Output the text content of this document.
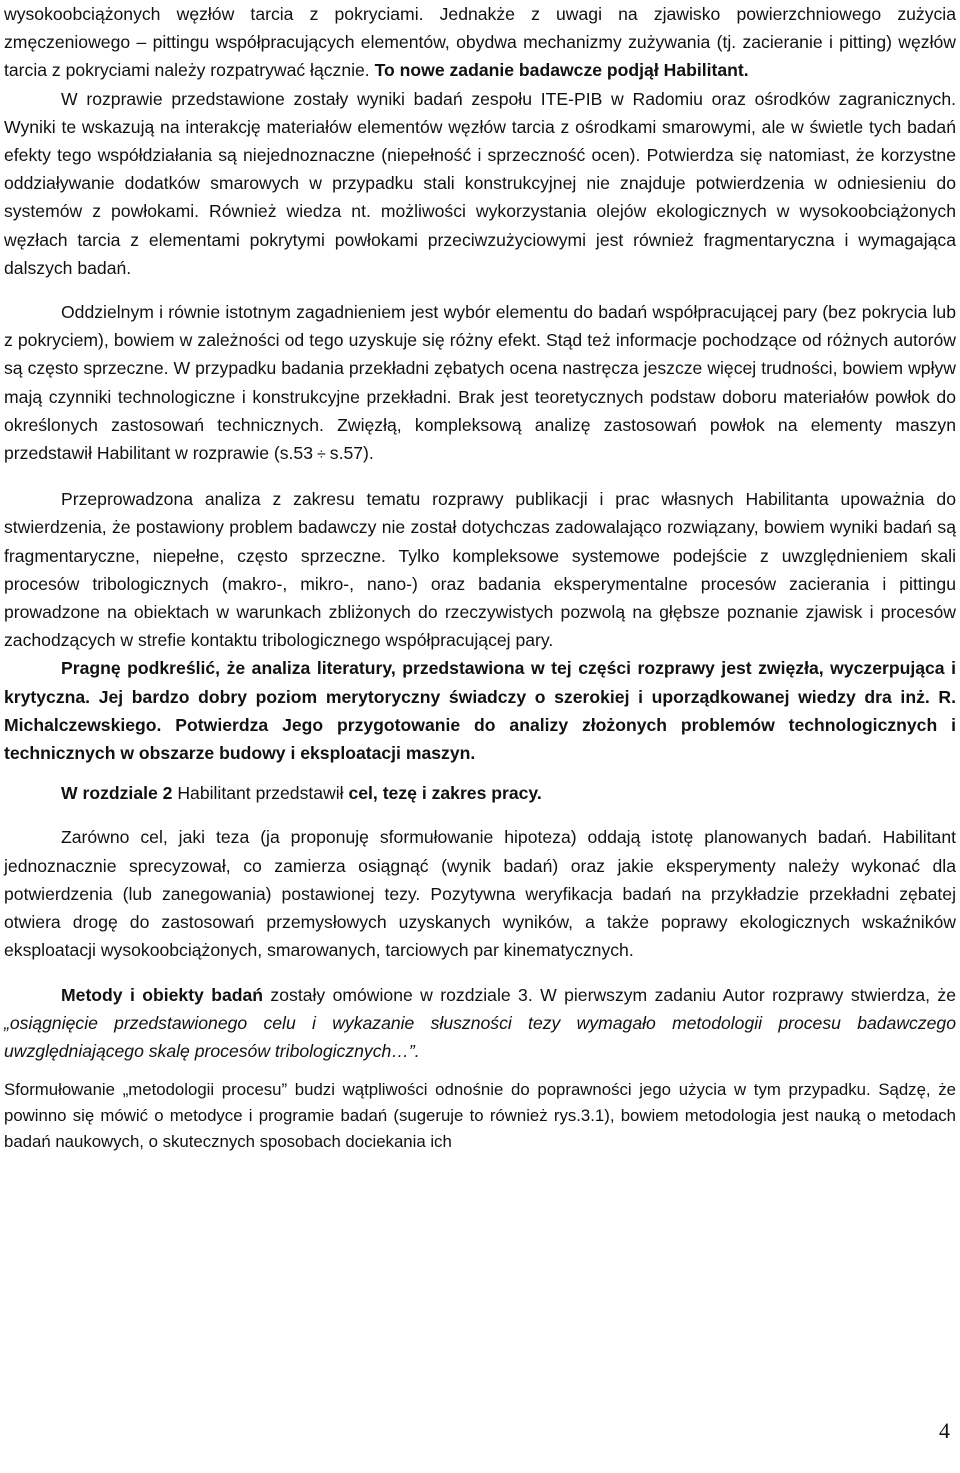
wysokoobciążonych węzłów tarcia z pokryciami. Jednakże z uwagi na zjawisko powierzchniowego zużycia zmęczeniowego – pittingu współpracujących elementów, obydwa mechanizmy zużywania (tj. zacieranie i pitting) węzłów tarcia z pokryciami należy rozpatrywać łącznie. To nowe zadanie badawcze podjął Habilitant.

W rozprawie przedstawione zostały wyniki badań zespołu ITE-PIB w Radomiu oraz ośrodków zagranicznych. Wyniki te wskazują na interakcję materiałów elementów węzłów tarcia z ośrodkami smarowymi, ale w świetle tych badań efekty tego współdziałania są niejednoznaczne (niepełność i sprzeczność ocen). Potwierdza się natomiast, że korzystne oddziaływanie dodatków smarowych w przypadku stali konstrukcyjnej nie znajduje potwierdzenia w odniesieniu do systemów z powłokami. Również wiedza nt. możliwości wykorzystania olejów ekologicznych w wysokoobciążonych węzłach tarcia z elementami pokrytymi powłokami przeciwzużyciowymi jest również fragmentaryczna i wymagająca dalszych badań.

Oddzielnym i równie istotnym zagadnieniem jest wybór elementu do badań współpracującej pary (bez pokrycia lub z pokryciem), bowiem w zależności od tego uzyskuje się różny efekt. Stąd też informacje pochodzące od różnych autorów są często sprzeczne. W przypadku badania przekładni zębatych ocena nastręcza jeszcze więcej trudności, bowiem wpływ mają czynniki technologiczne i konstrukcyjne przekładni. Brak jest teoretycznych podstaw doboru materiałów powłok do określonych zastosowań technicznych. Zwięzłą, kompleksową analizę zastosowań powłok na elementy maszyn przedstawił Habilitant w rozprawie (s.53 ÷ s.57).

Przeprowadzona analiza z zakresu tematu rozprawy publikacji i prac własnych Habilitanta upoważnia do stwierdzenia, że postawiony problem badawczy nie został dotychczas zadowalająco rozwiązany, bowiem wyniki badań są fragmentaryczne, niepełne, często sprzeczne. Tylko kompleksowe systemowe podejście z uwzględnieniem skali procesów tribologicznych (makro-, mikro-, nano-) oraz badania eksperymentalne procesów zacierania i pittingu prowadzone na obiektach w warunkach zbliżonych do rzeczywistych pozwolą na głębsze poznanie zjawisk i procesów zachodzących w strefie kontaktu tribologicznego współpracującej pary.

Pragnę podkreślić, że analiza literatury, przedstawiona w tej części rozprawy jest zwięzła, wyczerpująca i krytyczna. Jej bardzo dobry poziom merytoryczny świadczy o szerokiej i uporządkowanej wiedzy dra inż. R. Michalczewskiego. Potwierdza Jego przygotowanie do analizy złożonych problemów technologicznych i technicznych w obszarze budowy i eksploatacji maszyn.

W rozdziale 2 Habilitant przedstawił cel, tezę i zakres pracy.

Zarówno cel, jaki teza (ja proponuję sformułowanie hipoteza) oddają istotę planowanych badań. Habilitant jednoznacznie sprecyzował, co zamierza osiągnąć (wynik badań) oraz jakie eksperymenty należy wykonać dla potwierdzenia (lub zanegowania) postawionej tezy. Pozytywna weryfikacja badań na przykładzie przekładni zębatej otwiera drogę do zastosowań przemysłowych uzyskanych wyników, a także poprawy ekologicznych wskaźników eksploatacji wysokoobciążonych, smarowanych, tarciowych par kinematycznych.

Metody i obiekty badań zostały omówione w rozdziale 3. W pierwszym zadaniu Autor rozprawy stwierdza, że „osiągnięcie przedstawionego celu i wykazanie słuszności tezy wymagało metodologii procesu badawczego uwzględniającego skalę procesów tribologicznych…”.

Sformułowanie „metodologii procesu” budzi wątpliwości odnośnie do poprawności jego użycia w tym przypadku. Sądzę, że powinno się mówić o metodyce i programie badań (sugeruje to również rys.3.1), bowiem metodologia jest nauką o metodach badań naukowych, o skutecznych sposobach dociekania ich

4
